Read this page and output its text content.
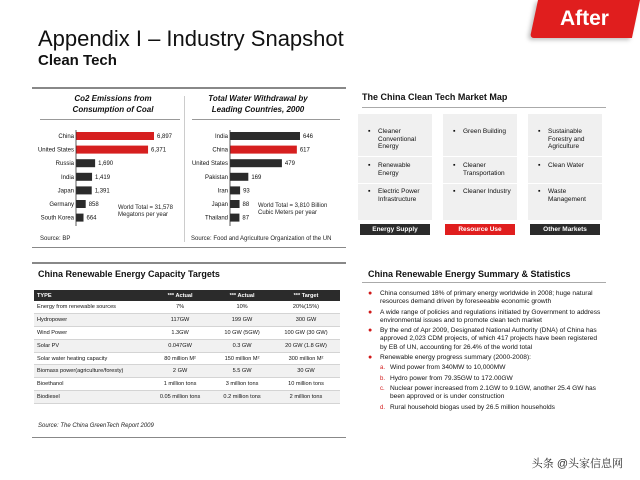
After
Appendix I – Industry Snapshot
Clean Tech
Co2 Emissions from Consumption of Coal
Total Water Withdrawal by Leading Countries, 2000
China	6,897
United States	6,371
Russia	1,690
India	1,419
Japan	1,391
Germany 858
South Korea 664
India	646
China	617
United States	479
Pakistan	169
Iran	93
Japan 88
Thailand 87
World Total = 31,578 Megatons per year
World Total = 3,810 Billion Cubic Meters per year
Source: BP	Source: Food and Agriculture Organization of the UN
The China Clean Tech Market Map
▪ Cleaner Conventional Energy
▪ Renewable Energy
▪ Electric Power Infrastructure
▪ Green Building
▪ Cleaner Transportation
▪ Cleaner Industry
▪ Sustainable Forestry and Agriculture
▪ Clean Water
▪ Waste Management
Energy Supply	Resource Use	Other Markets
China Renewable Energy Capacity Targets
TYPE	*** Actual	*** Actual	*** Target
Energy from renewable sources	7%	10%	20%(15%)
Hydropower	117GW	199 GW	300 GW
Wind Power	1.3GW	10 GW (5GW)	100 GW (30 GW)
Solar PV	0.047GW	0.3 GW	20 GW (1.8 GW)
Solar water heating capacity	80 million M²	150 million M²	300 million M²
Biomass power(agriculture/foresty)	2 GW	5.5 GW	30 GW
Bioethanol	1 million tons	3 million tons	10 million tons
Biodiesel	0.05 million tons	0.2 million tons	2 million tons
Source: The China GreenTech Report 2009
China Renewable Energy Summary & Statistics
● China consumed 18% of primary energy worldwide in 2008; huge natural resources demand driven by foreseeable economic growth
● A wide range of policies and regulations initiated by Government to address environmental issues and to promote clean tech market
● By the end of Apr 2009, Designated National Authority (DNA) of China has approved 2,023 CDM projects, of which 417 projects have been registered by EB of UN, accounting for 26.4% of the world total
● Renewable energy progress summary (2000-2008):
a. Wind power from 340MW to 10,000MW
b. Hydro power from 79.35GW to 172.00GW
c. Nuclear power increased from 2.1GW to 9.1GW, another 25.4 GW has been approved or is under construction
d. Rural household biogas used by 26.5 million households
头条 @头家信息网
